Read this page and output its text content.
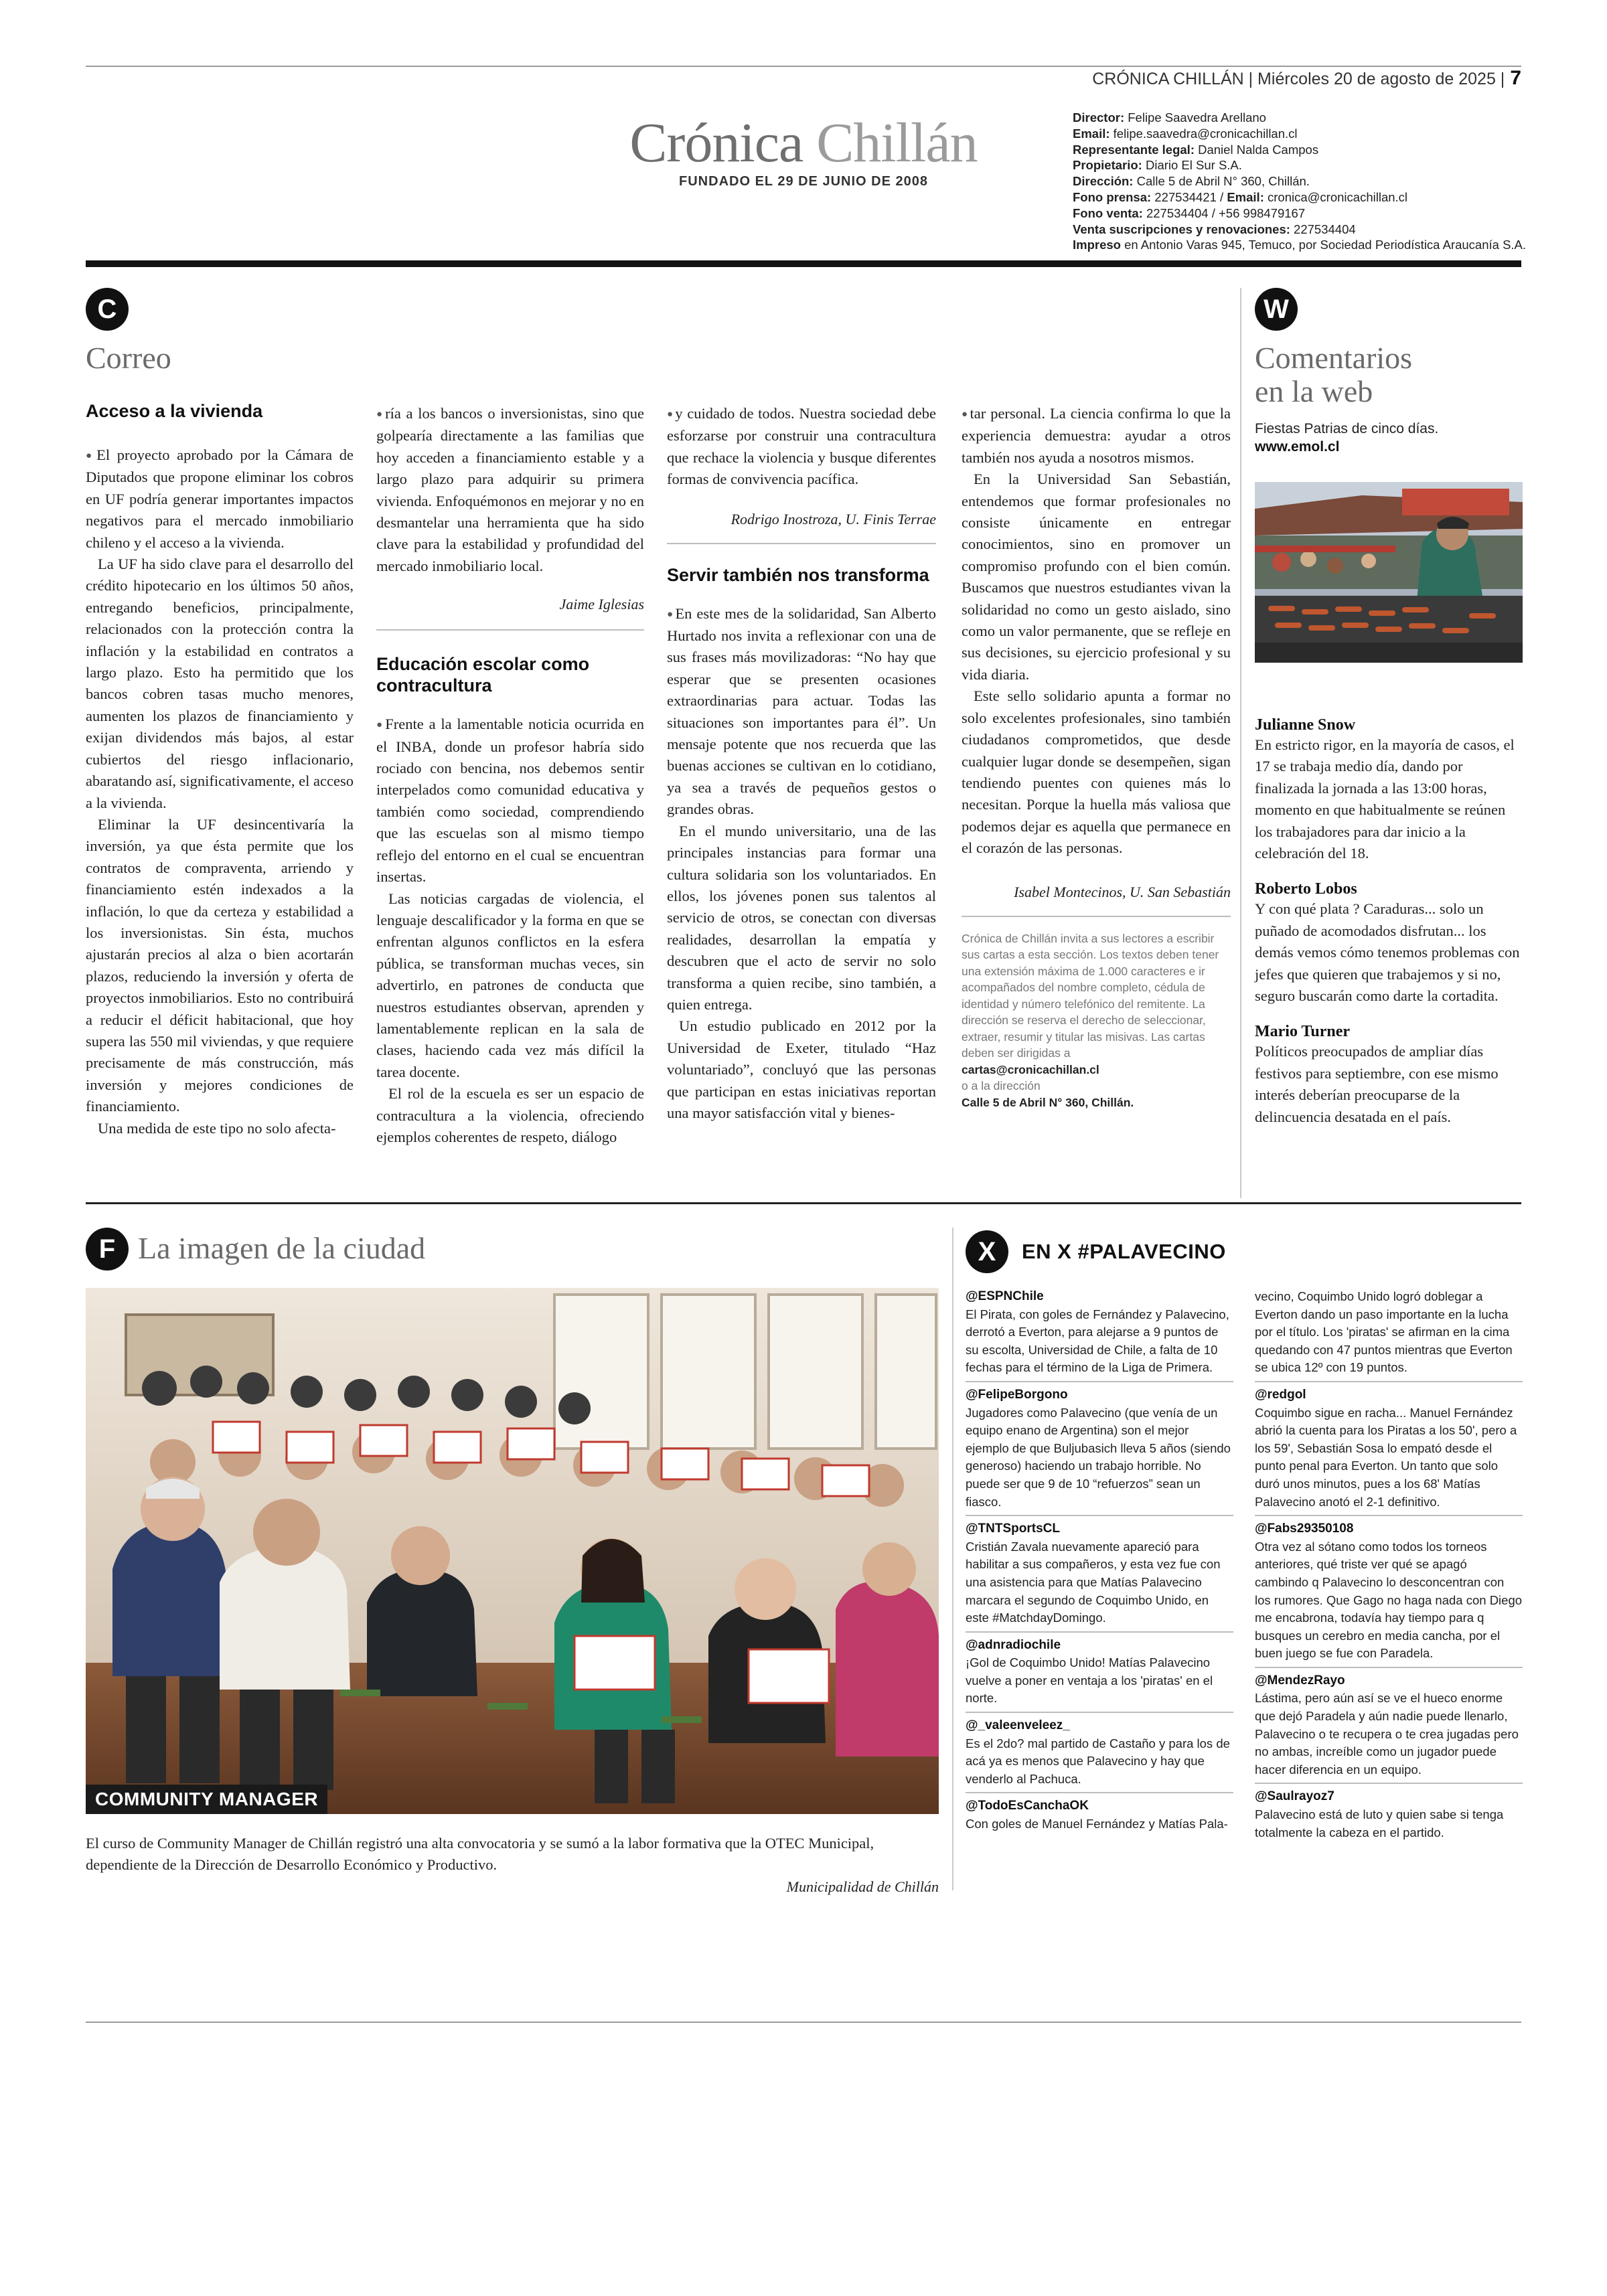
CRÓNICA CHILLÁN | Miércoles 20 de agosto de 2025 | 7
Crónica Chillán
FUNDADO EL 29 DE JUNIO DE 2008
Director: Felipe Saavedra Arellano
Email: felipe.saavedra@cronicachillan.cl
Representante legal: Daniel Nalda Campos
Propietario: Diario El Sur S.A.
Dirección: Calle 5 de Abril N° 360, Chillán.
Fono prensa: 227534421 / Email: cronica@cronicachillan.cl
Fono venta: 227534404 / +56 998479167
Venta suscripciones y renovaciones: 227534404
Impreso en Antonio Varas 945, Temuco, por Sociedad Periodística Araucanía S.A.
C
Correo
Acceso a la vivienda

● El proyecto aprobado por la Cámara de Diputados que propone eliminar los cobros en UF podría generar importantes impactos negativos para el mercado inmobiliario chileno y el acceso a la vivienda.

La UF ha sido clave para el desarrollo del crédito hipotecario en los últimos 50 años, entregando beneficios, principalmente, relacionados con la protección contra la inflación y la estabilidad en contratos a largo plazo. Esto ha permitido que los bancos cobren tasas mucho menores, aumenten los plazos de financiamiento y exijan dividendos más bajos, al estar cubiertos del riesgo inflacionario, abaratando así, significativamente, el acceso a la vivienda.

Eliminar la UF desincentivaría la inversión, ya que ésta permite que los contratos de compraventa, arriendo y financiamiento estén indexados a la inflación, lo que da certeza y estabilidad a los inversionistas. Sin ésta, muchos ajustarán precios al alza o bien acortarán plazos, reduciendo la inversión y oferta de proyectos inmobiliarios. Esto no contribuirá a reducir el déficit habitacional, que hoy supera las 550 mil viviendas, y que requiere precisamente de más construcción, más inversión y mejores condiciones de financiamiento.

Una medida de este tipo no solo afecta-

● ría a los bancos o inversionistas, sino que golpearía directamente a las familias que hoy acceden a financiamiento estable y a largo plazo para adquirir su primera vivienda. Enfoquémonos en mejorar y no en desmantelar una herramienta que ha sido clave para la estabilidad y profundidad del mercado inmobiliario local.

Jaime Iglesias
Educación escolar como contracultura

● Frente a la lamentable noticia ocurrida en el INBA, donde un profesor habría sido rociado con bencina, nos debemos sentir interpelados como comunidad educativa y también como sociedad, comprendiendo que las escuelas son al mismo tiempo reflejo del entorno en el cual se encuentran insertas.

Las noticias cargadas de violencia, el lenguaje descalificador y la forma en que se enfrentan algunos conflictos en la esfera pública, se transforman muchas veces, sin advertirlo, en patrones de conducta que nuestros estudiantes observan, aprenden y lamentablemente replican en la sala de clases, haciendo cada vez más difícil la tarea docente.

El rol de la escuela es ser un espacio de contracultura a la violencia, ofreciendo ejemplos coherentes de respeto, diálogo

● y cuidado de todos. Nuestra sociedad debe esforzarse por construir una contracultura que rechace la violencia y busque diferentes formas de convivencia pacífica.

Rodrigo Inostroza, U. Finis Terrae
Servir también nos transforma

● En este mes de la solidaridad, San Alberto Hurtado nos invita a reflexionar con una de sus frases más movilizadoras: “No hay que esperar que se presenten ocasiones extraordinarias para actuar. Todas las situaciones son importantes para él”. Un mensaje potente que nos recuerda que las buenas acciones se cultivan en lo cotidiano, ya sea a través de pequeños gestos o grandes obras.

En el mundo universitario, una de las principales instancias para formar una cultura solidaria son los voluntariados. En ellos, los jóvenes ponen sus talentos al servicio de otros, se conectan con diversas realidades, desarrollan la empatía y descubren que el acto de servir no solo transforma a quien recibe, sino también, a quien entrega.

Un estudio publicado en 2012 por la Universidad de Exeter, titulado “Haz voluntariado”, concluyó que las personas que participan en estas iniciativas reportan una mayor satisfacción vital y bienes-

● tar personal. La ciencia confirma lo que la experiencia demuestra: ayudar a otros también nos ayuda a nosotros mismos.

En la Universidad San Sebastián, entendemos que formar profesionales no consiste únicamente en entregar conocimientos, sino en promover un compromiso profundo con el bien común. Buscamos que nuestros estudiantes vivan la solidaridad no como un gesto aislado, sino como un valor permanente, que se refleje en sus decisiones, su ejercicio profesional y su vida diaria.

Este sello solidario apunta a formar no solo excelentes profesionales, sino también ciudadanos comprometidos, que desde cualquier lugar donde se desempeñen, sigan tendiendo puentes con quienes más lo necesitan. Porque la huella más valiosa que podemos dejar es aquella que permanece en el corazón de las personas.

Isabel Montecinos, U. San Sebastián
Crónica de Chillán invita a sus lectores a escribir sus cartas a esta sección. Los textos deben tener una extensión máxima de 1.000 caracteres e ir acompañados del nombre completo, cédula de identidad y número telefónico del remitente. La dirección se reserva el derecho de seleccionar, extraer, resumir y titular las misivas. Las cartas deben ser dirigidas a
cartas@cronicachillan.cl
o a la dirección
Calle 5 de Abril N° 360, Chillán.
W
Comentarios
en la web
Fiestas Patrias de cinco días.
www.emol.cl
Julianne Snow
En estricto rigor, en la mayoría de casos, el 17 se trabaja medio día, dando por finalizada la jornada a las 13:00 horas, momento en que habitualmente se reúnen los trabajadores para dar inicio a la celebración del 18.
Roberto Lobos
Y con qué plata ? Caraduras... solo un puñado de acomodados disfrutan... los demás vemos cómo tenemos problemas con jefes que quieren que trabajemos y si no, seguro buscarán como darte la cortadita.
Mario Turner
Políticos preocupados de ampliar días festivos para septiembre, con ese mismo interés deberían preocuparse de la delincuencia desatada en el país.
F La imagen de la ciudad
COMMUNITY MANAGER
El curso de Community Manager de Chillán registró una alta convocatoria y se sumó a la labor formativa que la OTEC Municipal, dependiente de la Dirección de Desarrollo Económico y Productivo.
Municipalidad de Chillán
X	EN X #PALAVECINO
@ESPNChile

El Pirata, con goles de Fernández y Palavecino, derrotó a Everton, para alejarse a 9 puntos de su escolta, Universidad de Chile, a falta de 10 fechas para el término de la Liga de Primera.

@FelipeBorgono

Jugadores como Palavecino (que venía de un equipo enano de Argentina) son el mejor ejemplo de que Buljubasich lleva 5 años (siendo generoso) haciendo un trabajo horrible. No puede ser que 9 de 10 “refuerzos” sean un fiasco.

@TNTSportsCL

Cristián Zavala nuevamente apareció para habilitar a sus compañeros, y esta vez fue con una asistencia para que Matías Palavecino marcara el segundo de Coquimbo Unido, en este #MatchdayDomingo.

@adnradiochile

¡Gol de Coquimbo Unido! Matías Palavecino vuelve a poner en ventaja a los 'piratas' en el norte.

@_valeenveleez_

Es el 2do? mal partido de Castaño y para los de acá ya es menos que Palavecino y hay que venderlo al Pachuca.

@TodoEsCanchaOK

Con goles de Manuel Fernández y Matías Pala-

vecino, Coquimbo Unido logró doblegar a Everton dando un paso importante en la lucha por el título. Los 'piratas' se afirman en la cima quedando con 47 puntos mientras que Everton se ubica 12º con 19 puntos.

@redgol

Coquimbo sigue en racha... Manuel Fernández abrió la cuenta para los Piratas a los 50', pero a los 59', Sebastián Sosa lo empató desde el punto penal para Everton. Un tanto que solo duró unos minutos, pues a los 68' Matías Palavecino anotó el 2-1 definitivo.

@Fabs29350108

Otra vez al sótano como todos los torneos anteriores, qué triste ver qué se apagó cambindo q Palavecino lo desconcentran con los rumores. Que Gago no haga nada con Diego me encabrona, todavía hay tiempo para q busques un cerebro en media cancha, por el buen juego se fue con Paradela.

@MendezRayo

Lástima, pero aún así se ve el hueco enorme que dejó Paradela y aún nadie puede llenarlo, Palavecino o te recupera o te crea jugadas pero no ambas, increíble como un jugador puede hacer diferencia en un equipo.

@Saulrayoz7

Palavecino está de luto y quien sabe si tenga totalmente la cabeza en el partido.
